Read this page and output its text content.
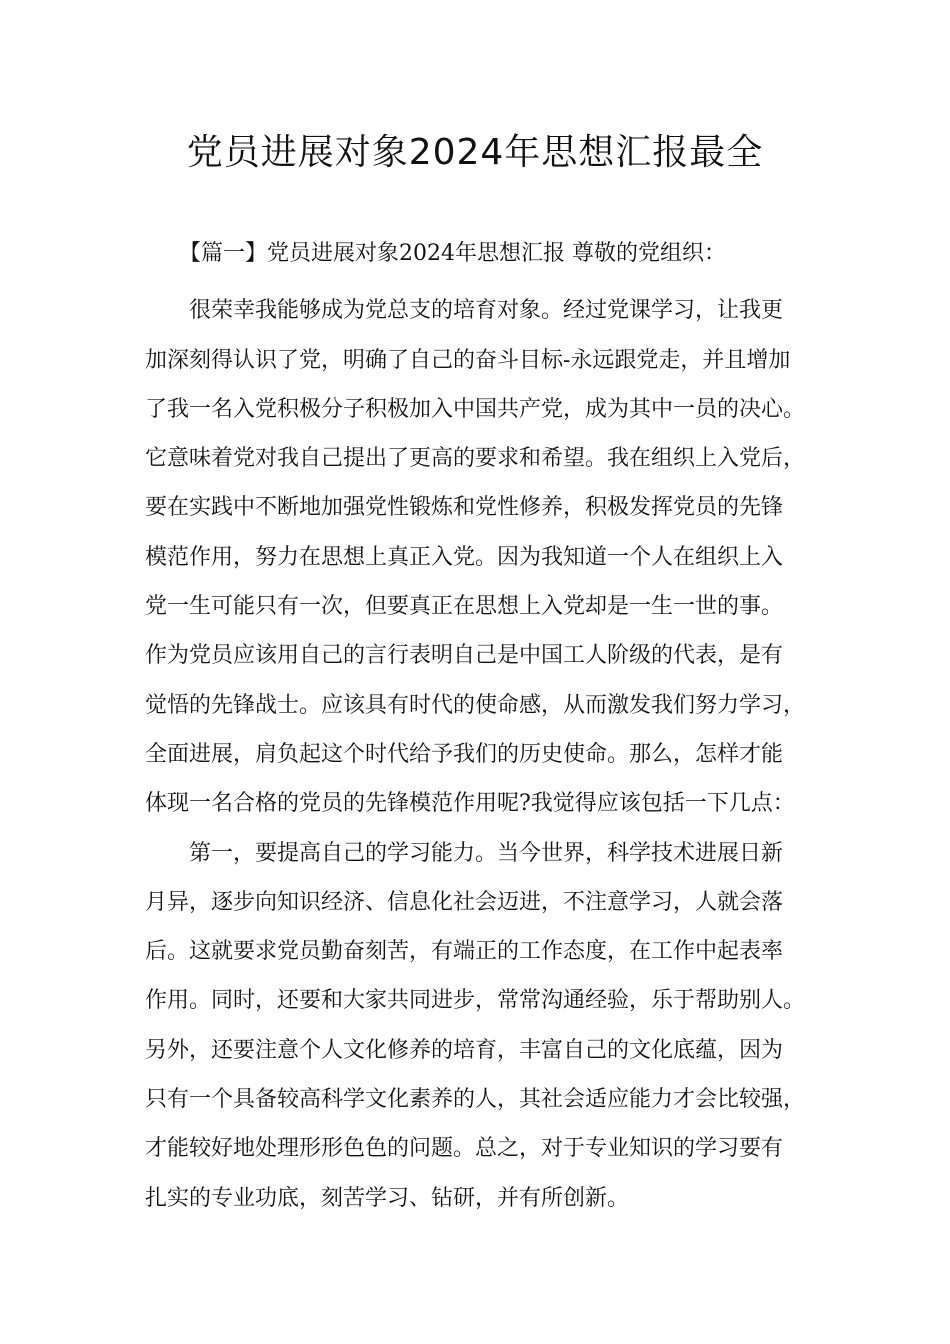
党员进展对象2024年思想汇报最全
【篇一】党员进展对象2024年思想汇报 尊敬的党组织：
很荣幸我能够成为党总支的培育对象。经过党课学习，让我更
加深刻得认识了党，明确了自己的奋斗目标-永远跟党走，并且增加
了我一名入党积极分子积极加入中国共产党，成为其中一员的决心。
它意味着党对我自己提出了更高的要求和希望。我在组织上入党后，
要在实践中不断地加强党性锻炼和党性修养，积极发挥党员的先锋
模范作用，努力在思想上真正入党。因为我知道一个人在组织上入
党一生可能只有一次，但要真正在思想上入党却是一生一世的事。
作为党员应该用自己的言行表明自己是中国工人阶级的代表，是有
觉悟的先锋战士。应该具有时代的使命感，从而激发我们努力学习，
全面进展，肩负起这个时代给予我们的历史使命。那么，怎样才能
体现一名合格的党员的先锋模范作用呢?我觉得应该包括一下几点：
第一，要提高自己的学习能力。当今世界，科学技术进展日新
月异，逐步向知识经济、信息化社会迈进，不注意学习，人就会落
后。这就要求党员勤奋刻苦，有端正的工作态度，在工作中起表率
作用。同时，还要和大家共同进步，常常沟通经验，乐于帮助别人。
另外，还要注意个人文化修养的培育，丰富自己的文化底蕴，因为
只有一个具备较高科学文化素养的人，其社会适应能力才会比较强，
才能较好地处理形形色色的问题。总之，对于专业知识的学习要有
扎实的专业功底，刻苦学习、钻研，并有所创新。
